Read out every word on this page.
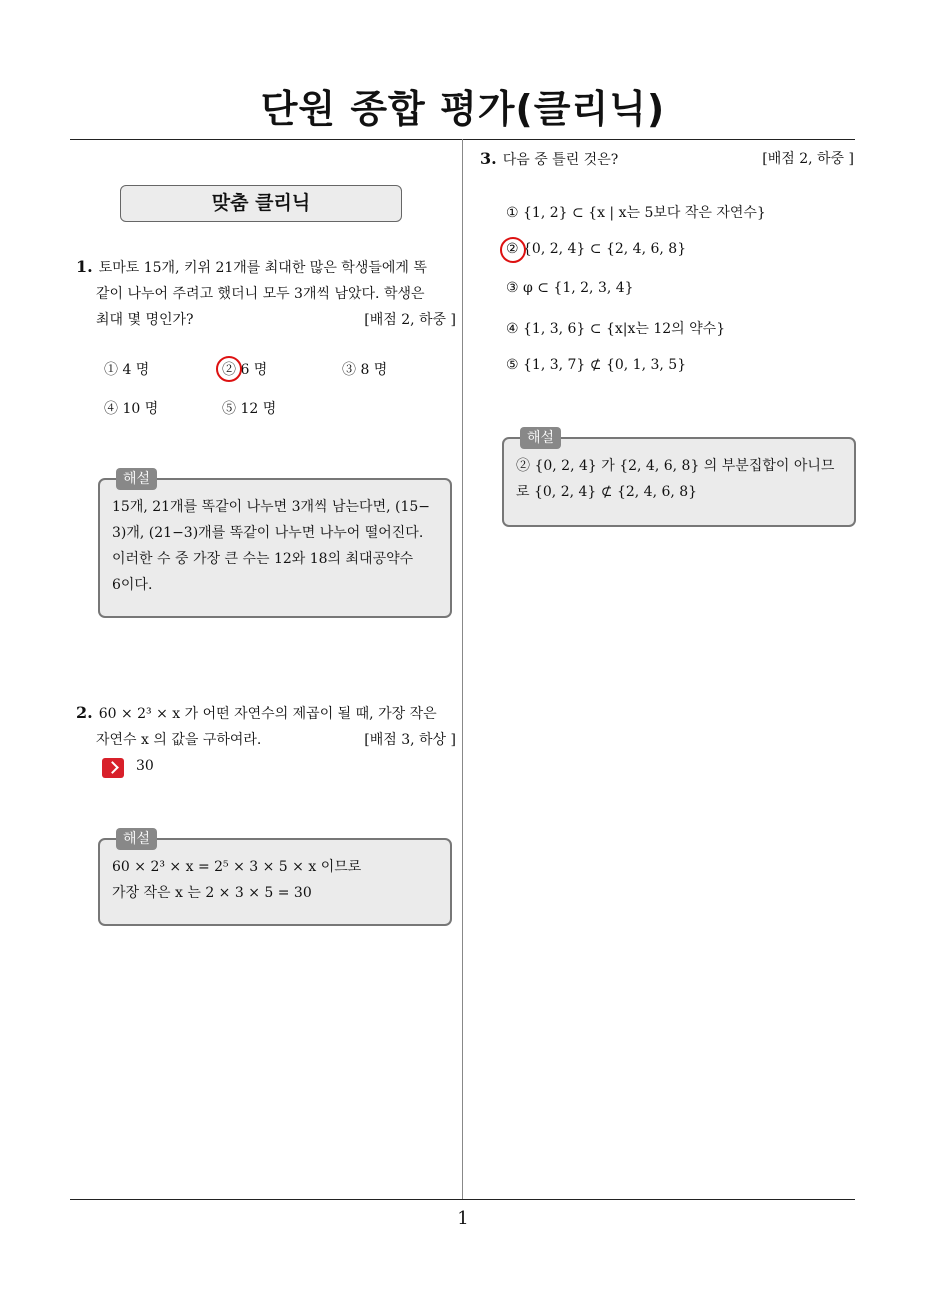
단원 종합 평가(클리닉)
맞춤 클리닉
1. 토마토 15개, 키위 21개를 최대한 많은 학생들에게 똑
같이 나누어 주려고 했더니 모두 3개씩 남았다. 학생은
최대 몇 명인가?	[배점 2, 하중 ]
① 4 명	② 6 명	③ 8 명
④ 10 명	⑤ 12 명
해설
15개, 21개를 똑같이 나누면 3개씩 남는다면, (15−
3)개, (21−3)개를 똑같이 나누면 나누어 떨어진다.
이러한 수 중 가장 큰 수는 12와 18의 최대공약수
6이다.
2. 60 × 2³ × x 가 어떤 자연수의 제곱이 될 때, 가장 작은
자연수 x 의 값을 구하여라.	[배점 3, 하상 ]
30
해설
60 × 2³ × x = 2⁵ × 3 × 5 × x 이므로
가장 작은 x 는 2 × 3 × 5 = 30
3. 다음 중 틀린 것은?	[배점 2, 하중 ]
① {1, 2} ⊂ {x | x는 5보다 작은 자연수}
② {0, 2, 4} ⊂ {2, 4, 6, 8}
③ φ ⊂ {1, 2, 3, 4}
④ {1, 3, 6} ⊂ {x|x는 12의 약수}
⑤ {1, 3, 7} ⊄ {0, 1, 3, 5}
해설
② {0, 2, 4} 가 {2, 4, 6, 8} 의 부분집합이 아니므
로 {0, 2, 4} ⊄ {2, 4, 6, 8}
1
